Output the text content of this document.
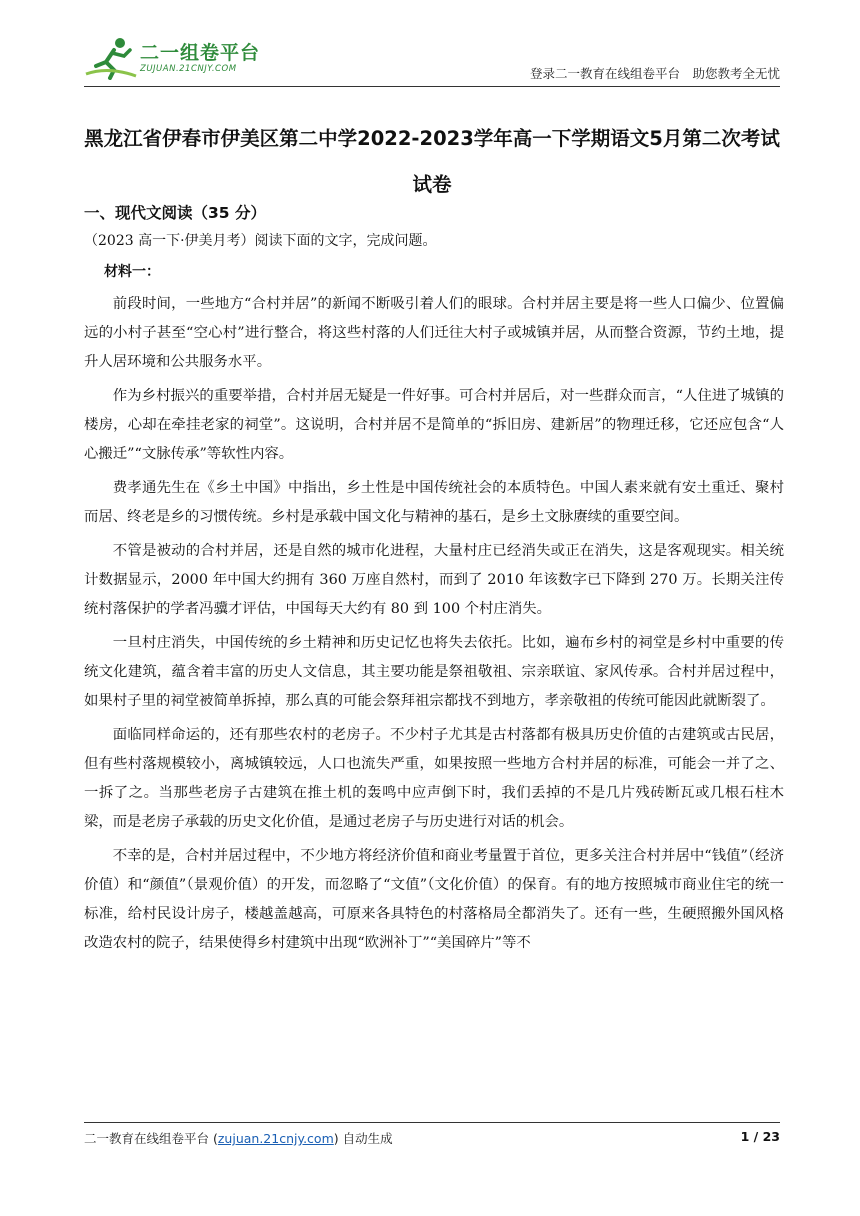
二一组卷平台
ZUJUAN.21CNJY.COM	登录二一教育在线组卷平台　助您教考全无忧
黑龙江省伊春市伊美区第二中学2022-2023学年高一下学期语文5月第二次考试试卷
一、现代文阅读（35 分）
（2023 高一下·伊美月考）阅读下面的文字，完成问题。
材料一：

前段时间，一些地方“合村并居”的新闻不断吸引着人们的眼球。合村并居主要是将一些人口偏少、位置偏远的小村子甚至“空心村”进行整合，将这些村落的人们迁往大村子或城镇并居，从而整合资源，节约土地，提升人居环境和公共服务水平。

作为乡村振兴的重要举措，合村并居无疑是一件好事。可合村并居后，对一些群众而言，“人住进了城镇的楼房，心却在牵挂老家的祠堂”。这说明，合村并居不是简单的“拆旧房、建新居”的物理迁移，它还应包含“人心搬迁”“文脉传承”等软性内容。

费孝通先生在《乡土中国》中指出，乡土性是中国传统社会的本质特色。中国人素来就有安土重迁、聚村而居、终老是乡的习惯传统。乡村是承载中国文化与精神的基石，是乡土文脉赓续的重要空间。

不管是被动的合村并居，还是自然的城市化进程，大量村庄已经消失或正在消失，这是客观现实。相关统计数据显示，2000 年中国大约拥有 360 万座自然村，而到了 2010 年该数字已下降到 270 万。长期关注传统村落保护的学者冯骥才评估，中国每天大约有 80 到 100 个村庄消失。

一旦村庄消失，中国传统的乡土精神和历史记忆也将失去依托。比如，遍布乡村的祠堂是乡村中重要的传统文化建筑，蕴含着丰富的历史人文信息，其主要功能是祭祖敬祖、宗亲联谊、家风传承。合村并居过程中，如果村子里的祠堂被简单拆掉，那么真的可能会祭拜祖宗都找不到地方，孝亲敬祖的传统可能因此就断裂了。

面临同样命运的，还有那些农村的老房子。不少村子尤其是古村落都有极具历史价值的古建筑或古民居，但有些村落规模较小，离城镇较远，人口也流失严重，如果按照一些地方合村并居的标准，可能会一并了之、一拆了之。当那些老房子古建筑在推土机的轰鸣中应声倒下时，我们丢掉的不是几片残砖断瓦或几根石柱木梁，而是老房子承载的历史文化价值，是通过老房子与历史进行对话的机会。

不幸的是，合村并居过程中，不少地方将经济价值和商业考量置于首位，更多关注合村并居中“钱值”（经济价值）和“颜值”（景观价值）的开发，而忽略了“文值”（文化价值）的保育。有的地方按照城市商业住宅的统一标准，给村民设计房子，楼越盖越高，可原来各具特色的村落格局全都消失了。还有一些，生硬照搬外国风格改造农村的院子，结果使得乡村建筑中出现“欧洲补丁”“美国碎片”等不

二一教育在线组卷平台 (zujuan.21cnjy.com) 自动生成	1 / 23
